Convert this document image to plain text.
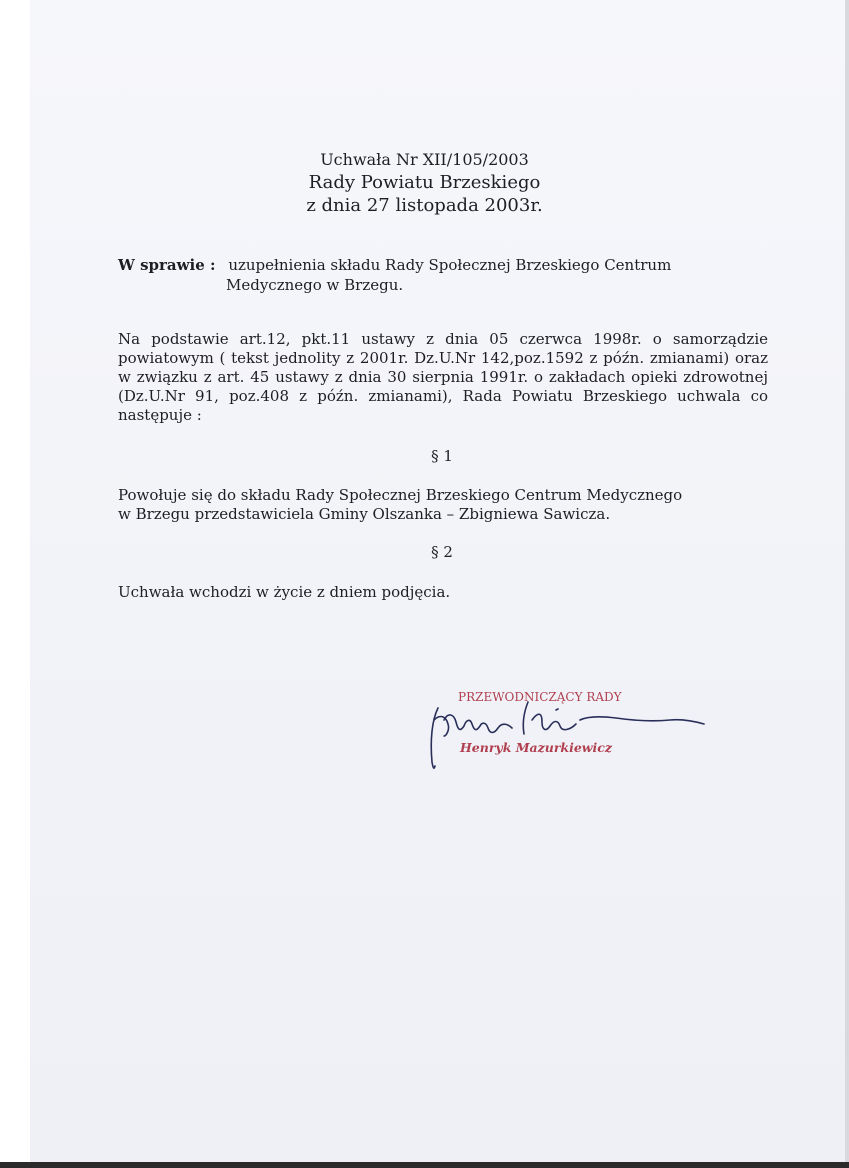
Uchwała Nr XII/105/2003
Rady Powiatu Brzeskiego
z dnia 27 listopada 2003r.
W sprawie : uzupełnienia składu Rady Społecznej Brzeskiego Centrum
Medycznego w Brzegu.
Na podstawie art.12, pkt.11 ustawy z dnia 05 czerwca 1998r. o samorządzie powiatowym ( tekst jednolity z 2001r. Dz.U.Nr 142,poz.1592 z późn. zmianami) oraz w związku z art. 45 ustawy z dnia 30 sierpnia 1991r. o zakładach opieki zdrowotnej (Dz.U.Nr 91, poz.408 z późn. zmianami), Rada Powiatu Brzeskiego uchwala co następuje :
§ 1
Powołuje się do składu Rady Społecznej Brzeskiego Centrum Medycznego
w Brzegu przedstawiciela Gminy Olszanka – Zbigniewa Sawicza.
§ 2
Uchwała wchodzi w życie z dniem podjęcia.
PRZEWODNICZĄCY RADY
Henryk Mazurkiewicz
